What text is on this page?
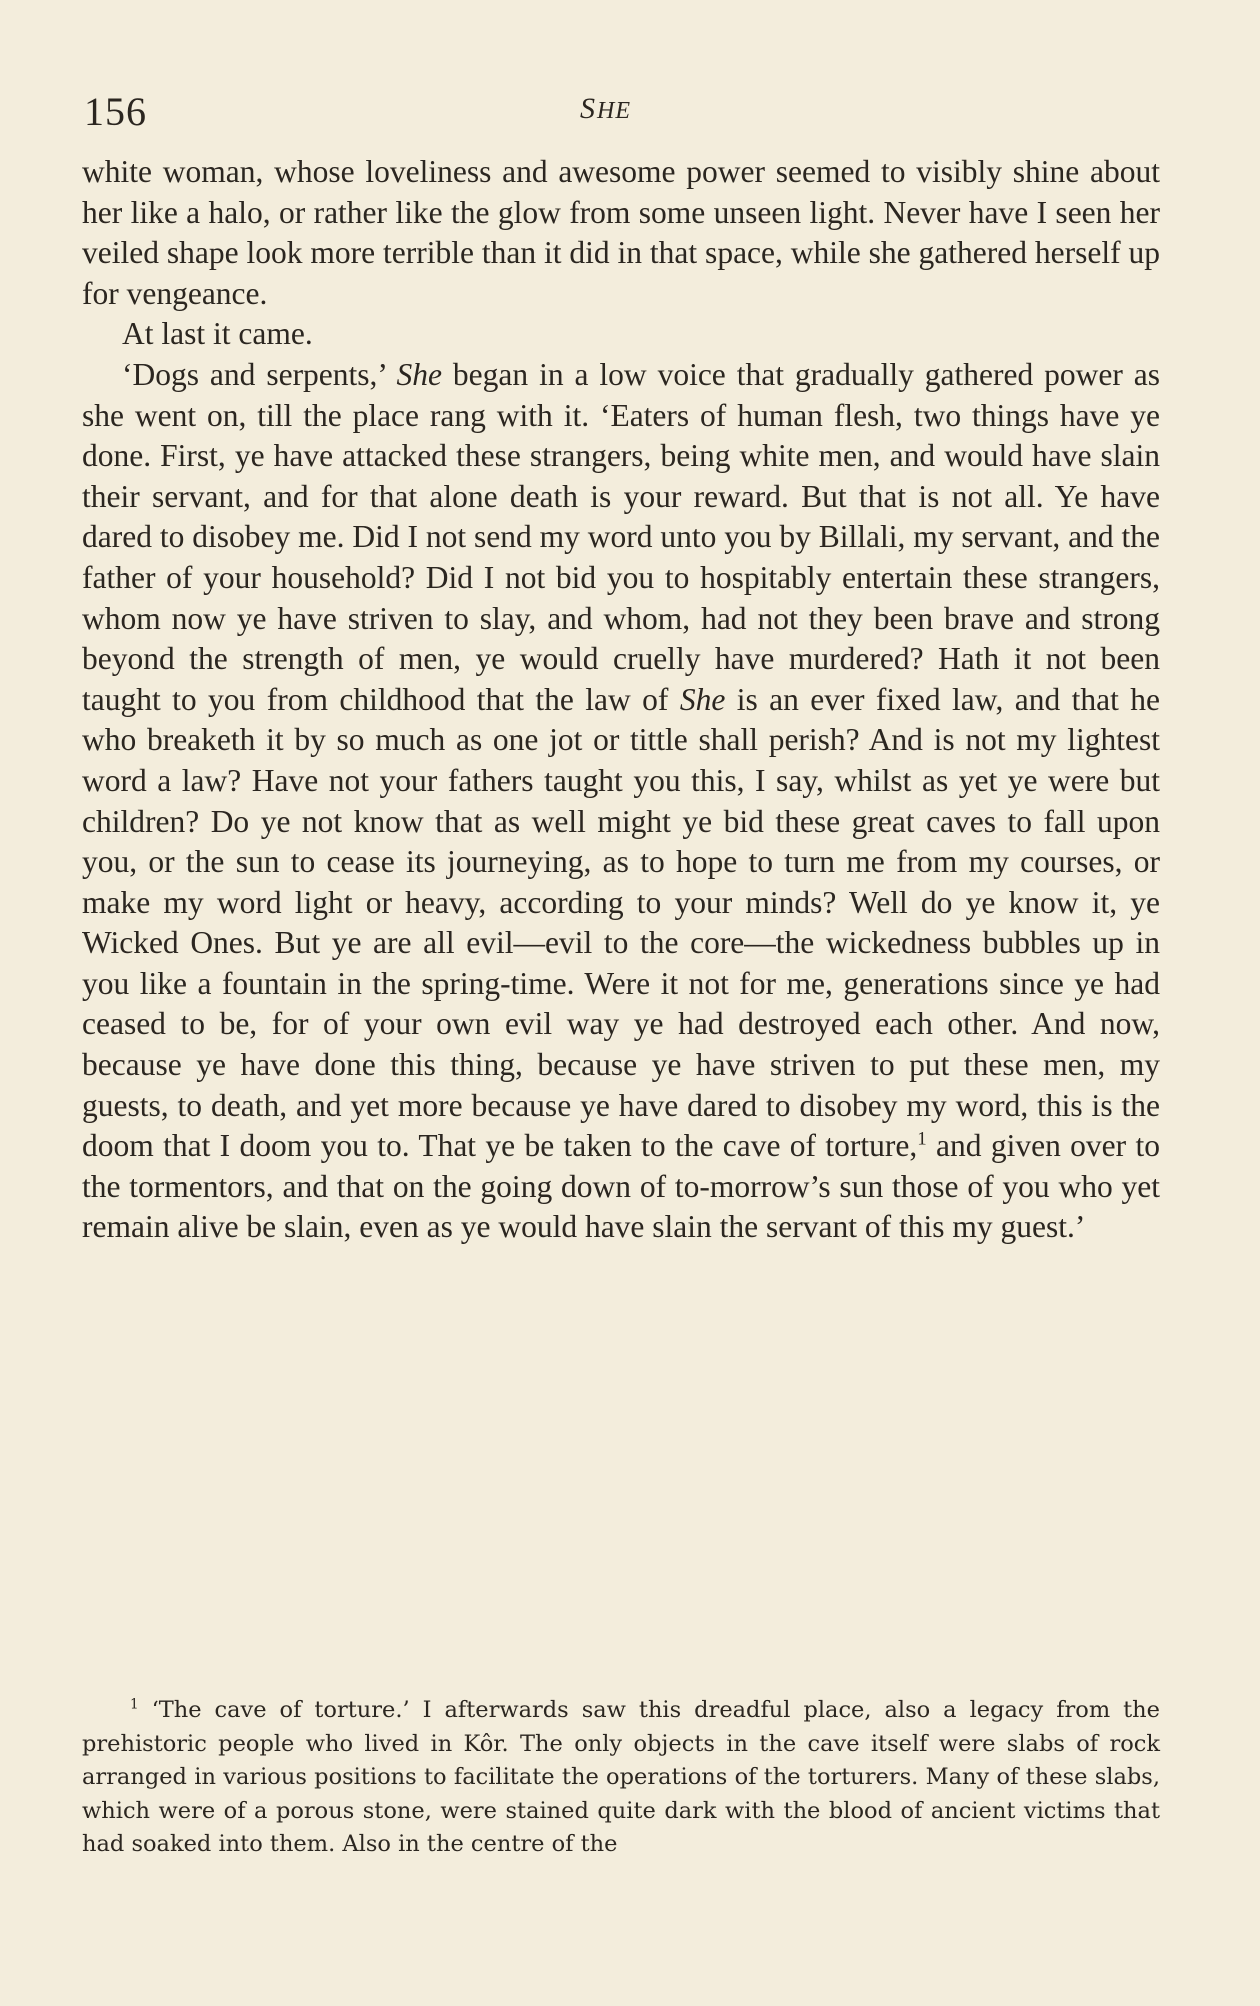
156	SHE

white woman, whose loveliness and awesome power seemed to visibly shine about her like a halo, or rather like the glow from some unseen light. Never have I seen her veiled shape look more terrible than it did in that space, while she gathered herself up for vengeance.

At last it came.

‘Dogs and serpents,’ She began in a low voice that gradually gathered power as she went on, till the place rang with it. ‘Eaters of human flesh, two things have ye done. First, ye have attacked these strangers, being white men, and would have slain their servant, and for that alone death is your reward. But that is not all. Ye have dared to disobey me. Did I not send my word unto you by Billali, my servant, and the father of your household? Did I not bid you to hospitably entertain these strangers, whom now ye have striven to slay, and whom, had not they been brave and strong beyond the strength of men, ye would cruelly have murdered? Hath it not been taught to you from childhood that the law of She is an ever fixed law, and that he who breaketh it by so much as one jot or tittle shall perish? And is not my lightest word a law? Have not your fathers taught you this, I say, whilst as yet ye were but children? Do ye not know that as well might ye bid these great caves to fall upon you, or the sun to cease its journeying, as to hope to turn me from my courses, or make my word light or heavy, according to your minds? Well do ye know it, ye Wicked Ones. But ye are all evil—evil to the core—the wickedness bubbles up in you like a fountain in the spring-time. Were it not for me, generations since ye had ceased to be, for of your own evil way ye had destroyed each other. And now, because ye have done this thing, because ye have striven to put these men, my guests, to death, and yet more because ye have dared to disobey my word, this is the doom that I doom you to. That ye be taken to the cave of torture,$^1$ and given over to the tormentors, and that on the going down of to-morrow’s sun those of you who yet remain alive be slain, even as ye would have slain the servant of this my guest.’

$^1$ ‘The cave of torture.’ I afterwards saw this dreadful place, also a legacy from the prehistoric people who lived in Kôr. The only objects in the cave itself were slabs of rock arranged in various positions to facilitate the operations of the torturers. Many of these slabs, which were of a porous stone, were stained quite dark with the blood of ancient victims that had soaked into them. Also in the centre of the
